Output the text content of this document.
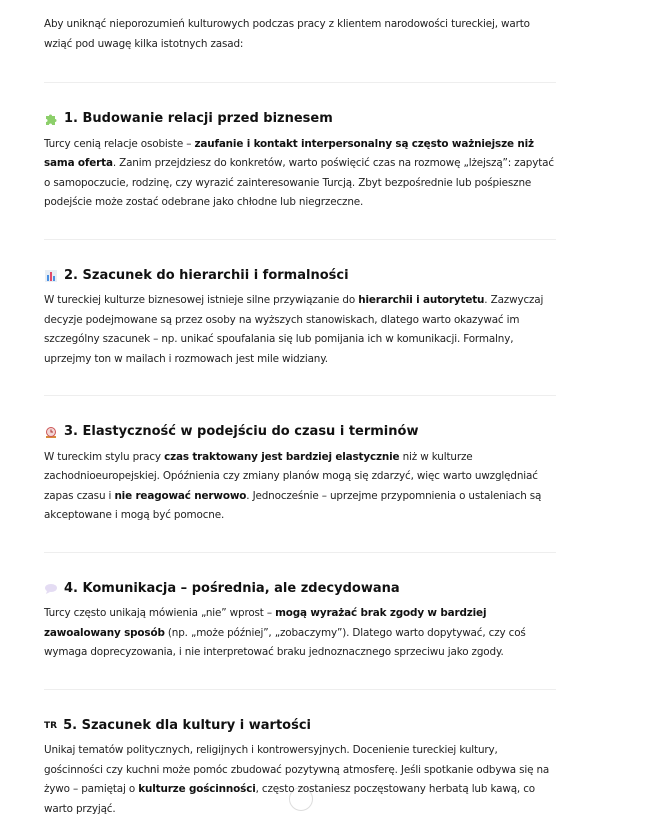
Aby uniknąć nieporozumień kulturowych podczas pracy z klientem narodowości tureckiej, warto wziąć pod uwagę kilka istotnych zasad:

1. Budowanie relacji przed biznesem

Turcy cenią relacje osobiste – zaufanie i kontakt interpersonalny są często ważniejsze niż sama oferta. Zanim przejdziesz do konkretów, warto poświęcić czas na rozmowę „lżejszą”: zapytać o samopoczucie, rodzinę, czy wyrazić zainteresowanie Turcją. Zbyt bezpośrednie lub pośpieszne podejście może zostać odebrane jako chłodne lub niegrzeczne.

2. Szacunek do hierarchii i formalności

W tureckiej kulturze biznesowej istnieje silne przywiązanie do hierarchii i autorytetu. Zazwyczaj decyzje podejmowane są przez osoby na wyższych stanowiskach, dlatego warto okazywać im szczególny szacunek – np. unikać spoufalania się lub pomijania ich w komunikacji. Formalny, uprzejmy ton w mailach i rozmowach jest mile widziany.

3. Elastyczność w podejściu do czasu i terminów

W tureckim stylu pracy czas traktowany jest bardziej elastycznie niż w kulturze zachodnioeuropejskiej. Opóźnienia czy zmiany planów mogą się zdarzyć, więc warto uwzględniać zapas czasu i nie reagować nerwowo. Jednocześnie – uprzejme przypomnienia o ustaleniach są akceptowane i mogą być pomocne.

4. Komunikacja – pośrednia, ale zdecydowana

Turcy często unikają mówienia „nie” wprost – mogą wyrażać brak zgody w bardziej zawoalowany sposób (np. „może później”, „zobaczymy”). Dlatego warto dopytywać, czy coś wymaga doprecyzowania, i nie interpretować braku jednoznacznego sprzeciwu jako zgody.

TR 5. Szacunek dla kultury i wartości

Unikaj tematów politycznych, religijnych i kontrowersyjnych. Docenienie tureckiej kultury, gościnności czy kuchni może pomóc zbudować pozytywną atmosferę. Jeśli spotkanie odbywa się na żywo – pamiętaj o kulturze gościnności, często zostaniesz poczęstowany herbatą lub kawą, co warto przyjąć.
